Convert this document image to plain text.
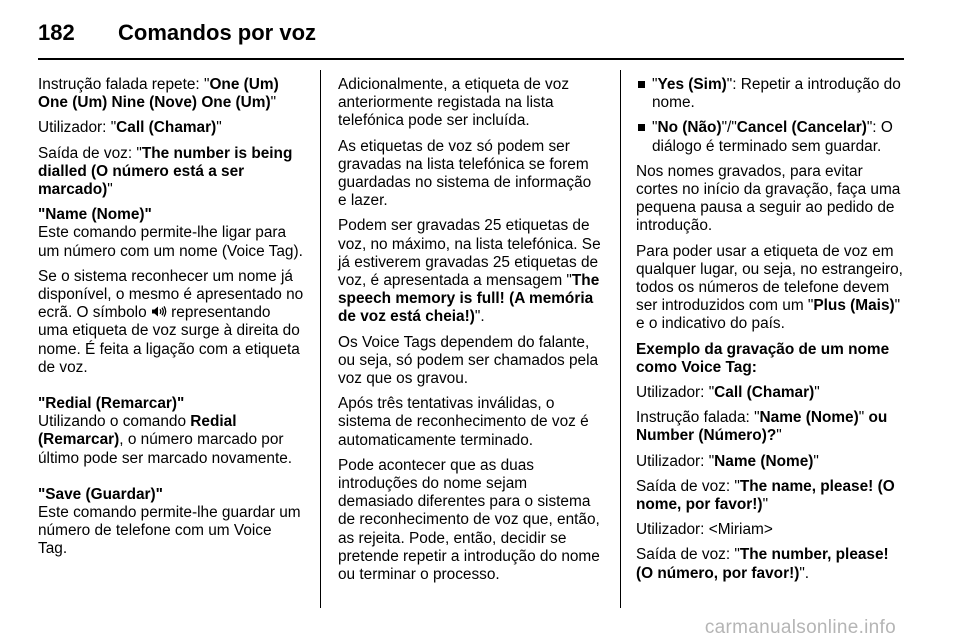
182	Comandos por voz
Instrução falada repete: "One (Um) One (Um) Nine (Nove) One (Um)"
Utilizador: "Call (Chamar)"
Saída de voz: "The number is being dialled (O número está a ser marcado)"
"Name (Nome)"
Este comando permite-lhe ligar para um número com um nome (Voice Tag).
Se o sistema reconhecer um nome já disponível, o mesmo é apresentado no ecrã. O símbolo  representando uma etiqueta de voz surge à direita do nome. É feita a ligação com a etiqueta de voz.
"Redial (Remarcar)"
Utilizando o comando Redial (Remarcar), o número marcado por último pode ser marcado novamente.
"Save (Guardar)"
Este comando permite-lhe guardar um número de telefone com um Voice Tag.
Adicionalmente, a etiqueta de voz anteriormente registada na lista telefónica pode ser incluída.
As etiquetas de voz só podem ser gravadas na lista telefónica se forem guardadas no sistema de informação e lazer.
Podem ser gravadas 25 etiquetas de voz, no máximo, na lista telefónica. Se já estiverem gravadas 25 etiquetas de voz, é apresentada a mensagem "The speech memory is full! (A memória de voz está cheia!)".
Os Voice Tags dependem do falante, ou seja, só podem ser chamados pela voz que os gravou.
Após três tentativas inválidas, o sistema de reconhecimento de voz é automaticamente terminado.
Pode acontecer que as duas introduções do nome sejam demasiado diferentes para o sistema de reconhecimento de voz que, então, as rejeita. Pode, então, decidir se pretende repetir a introdução do nome ou terminar o processo.
"Yes (Sim)": Repetir a introdução do nome.
"No (Não)"/"Cancel (Cancelar)": O diálogo é terminado sem guardar.
Nos nomes gravados, para evitar cortes no início da gravação, faça uma pequena pausa a seguir ao pedido de introdução.
Para poder usar a etiqueta de voz em qualquer lugar, ou seja, no estrangeiro, todos os números de telefone devem ser introduzidos com um "Plus (Mais)" e o indicativo do país.
Exemplo da gravação de um nome como Voice Tag:
Utilizador: "Call (Chamar)"
Instrução falada: "Name (Nome)" ou Number (Número)?"
Utilizador: "Name (Nome)"
Saída de voz: "The name, please! (O nome, por favor!)"
Utilizador: <Miriam>
Saída de voz: "The number, please! (O número, por favor!)".
carmanualsonline.info
